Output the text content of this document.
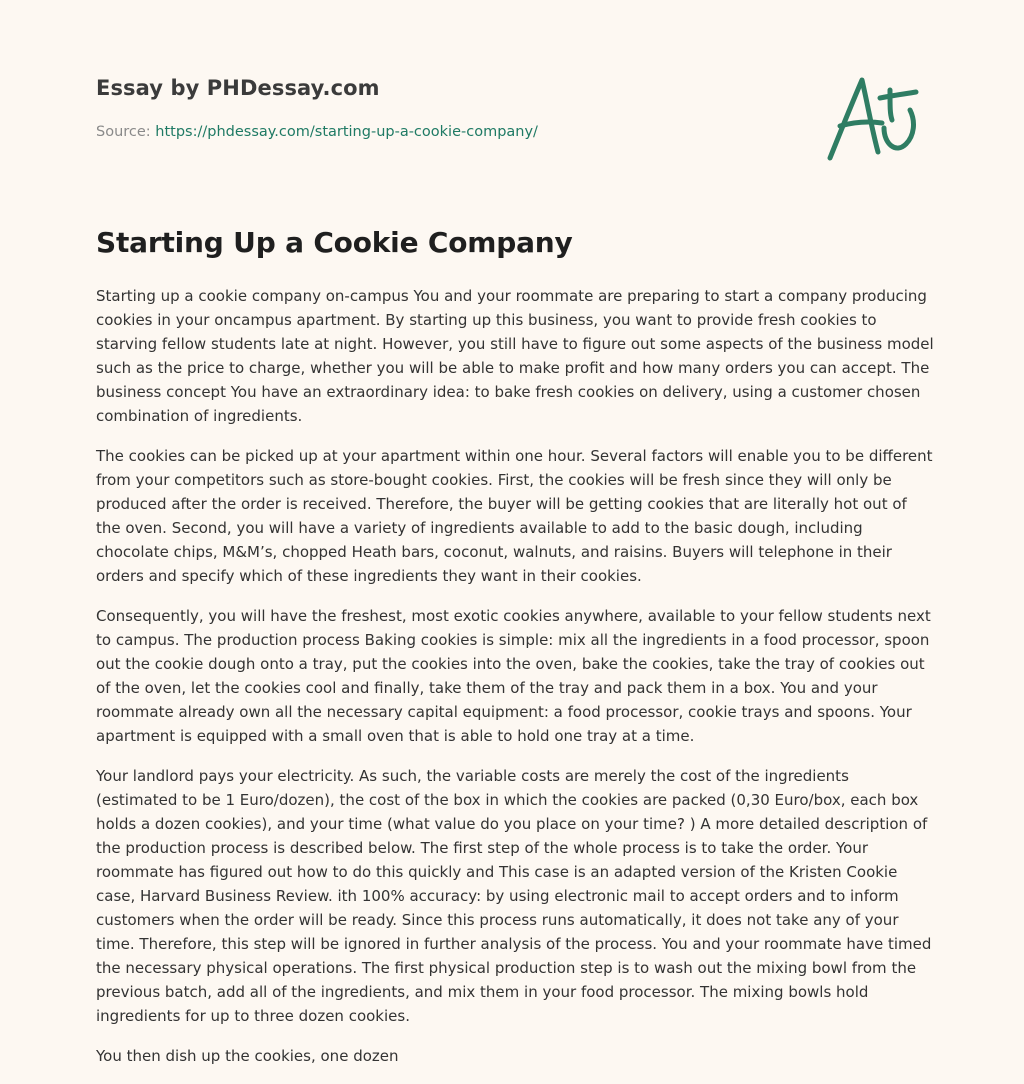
Essay by PHDessay.com
Source: https://phdessay.com/starting-up-a-cookie-company/
Starting Up a Cookie Company

Starting up a cookie company on-campus You and your roommate are preparing to start a company producing cookies in your oncampus apartment. By starting up this business, you want to provide fresh cookies to starving fellow students late at night. However, you still have to figure out some aspects of the business model such as the price to charge, whether you will be able to make profit and how many orders you can accept. The business concept You have an extraordinary idea: to bake fresh cookies on delivery, using a customer chosen combination of ingredients.

The cookies can be picked up at your apartment within one hour. Several factors will enable you to be different from your competitors such as store-bought cookies. First, the cookies will be fresh since they will only be produced after the order is received. Therefore, the buyer will be getting cookies that are literally hot out of the oven. Second, you will have a variety of ingredients available to add to the basic dough, including chocolate chips, M&M’s, chopped Heath bars, coconut, walnuts, and raisins. Buyers will telephone in their orders and specify which of these ingredients they want in their cookies.

Consequently, you will have the freshest, most exotic cookies anywhere, available to your fellow students next to campus. The production process Baking cookies is simple: mix all the ingredients in a food processor, spoon out the cookie dough onto a tray, put the cookies into the oven, bake the cookies, take the tray of cookies out of the oven, let the cookies cool and finally, take them of the tray and pack them in a box. You and your roommate already own all the necessary capital equipment: a food processor, cookie trays and spoons. Your apartment is equipped with a small oven that is able to hold one tray at a time.

Your landlord pays your electricity. As such, the variable costs are merely the cost of the ingredients (estimated to be 1 Euro/dozen), the cost of the box in which the cookies are packed (0,30 Euro/box, each box holds a dozen cookies), and your time (what value do you place on your time? ) A more detailed description of the production process is described below. The first step of the whole process is to take the order. Your roommate has figured out how to do this quickly and This case is an adapted version of the Kristen Cookie case, Harvard Business Review. ith 100% accuracy: by using electronic mail to accept orders and to inform customers when the order will be ready. Since this process runs automatically, it does not take any of your time. Therefore, this step will be ignored in further analysis of the process. You and your roommate have timed the necessary physical operations. The first physical production step is to wash out the mixing bowl from the previous batch, add all of the ingredients, and mix them in your food processor. The mixing bowls hold ingredients for up to three dozen cookies.

You then dish up the cookies, one dozen
